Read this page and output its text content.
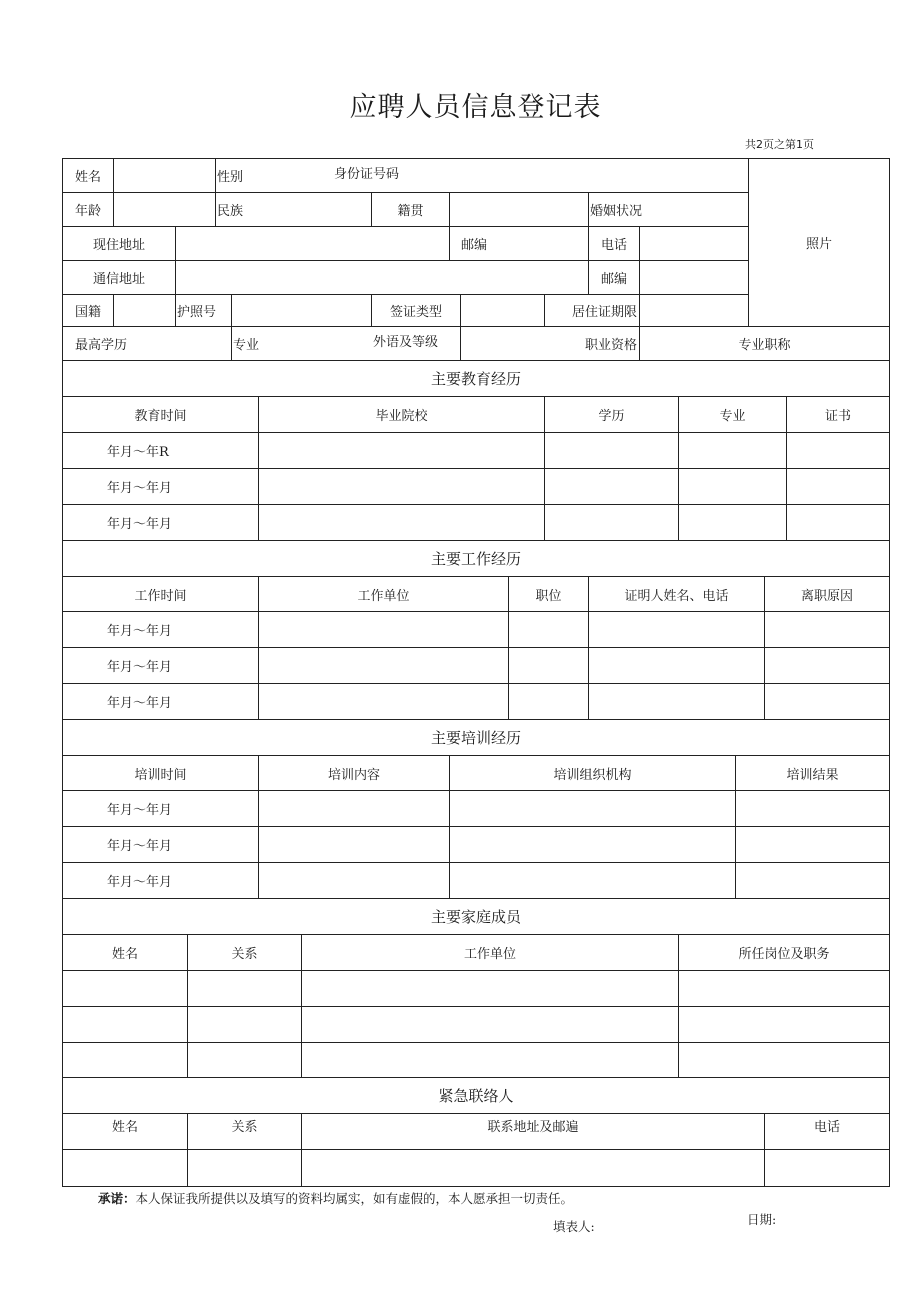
应聘人员信息登记表
共2页之第1页
姓名	性别	身份证号码
年龄	民族	籍贯	婚姻状况
现住地址	邮编	电话
通信地址	邮编
国籍	护照号	签证类型	居住证期限
照片
最高学历	专业	外语及等级	职业资格	专业职称
主要教育经历
教育时间	毕业院校	学历	专业	证书
年月～年R
年月～年月
年月～年月
主要工作经历
工作时间	工作单位	职位	证明人姓名、电话	离职原因
年月～年月
年月～年月
年月～年月
主要培训经历
培训时间	培训内容	培训组织机构	培训结果
年月～年月
年月～年月
年月～年月
主要家庭成员
姓名	关系	工作单位	所任岗位及职务
紧急联络人
姓名	关系	联系地址及邮遍	电话
承诺：本人保证我所提供以及填写的资料均属实，如有虚假的，本人愿承担一切责任。
填表人:	日期:
